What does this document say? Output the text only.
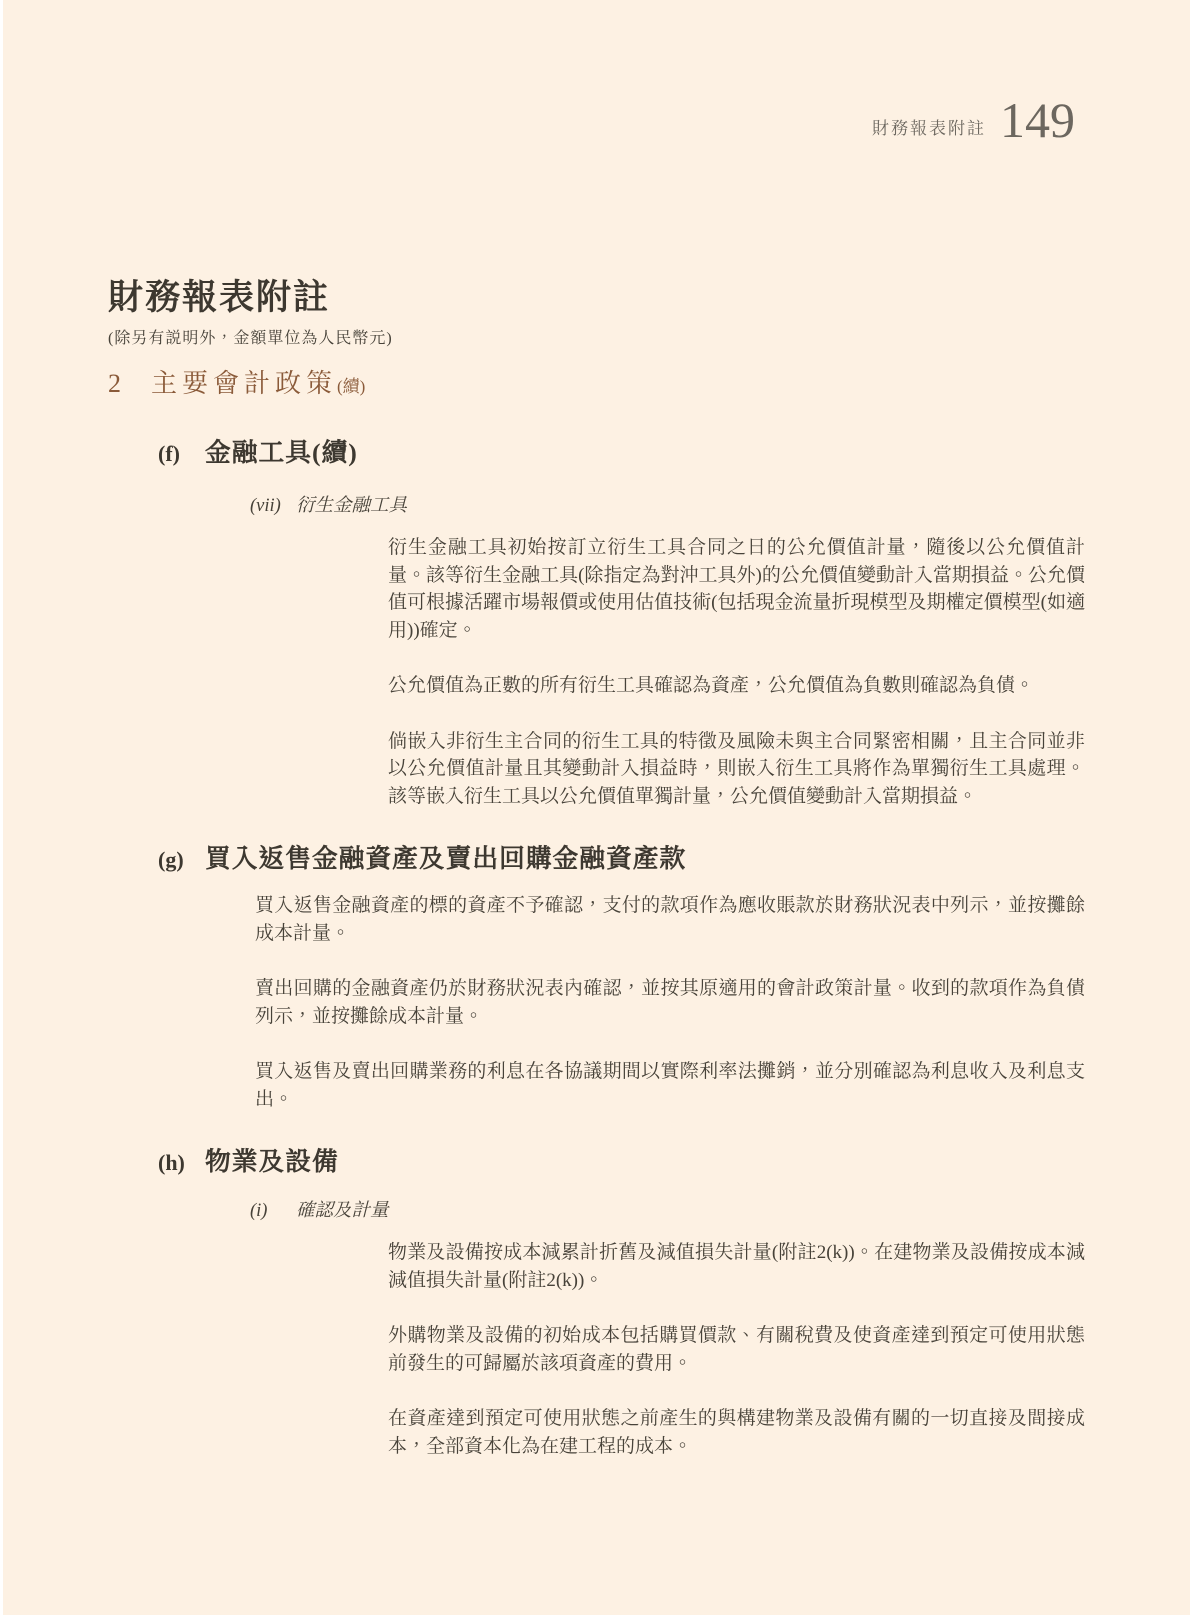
財務報表附註 149
財務報表附註

(除另有説明外，金額單位為人民幣元)

2	主要會計政策(續)
(f) 金融工具(續)
(vii) 衍生金融工具

衍生金融工具初始按訂立衍生工具合同之日的公允價值計量，隨後以公允價值計量。該等衍生金融工具(除指定為對沖工具外)的公允價值變動計入當期損益。公允價值可根據活躍市場報價或使用估值技術(包括現金流量折現模型及期權定價模型(如適用))確定。

公允價值為正數的所有衍生工具確認為資產，公允價值為負數則確認為負債。

倘嵌入非衍生主合同的衍生工具的特徵及風險未與主合同緊密相關，且主合同並非以公允價值計量且其變動計入損益時，則嵌入衍生工具將作為單獨衍生工具處理。該等嵌入衍生工具以公允價值單獨計量，公允價值變動計入當期損益。

(g) 買入返售金融資產及賣出回購金融資產款

買入返售金融資產的標的資產不予確認，支付的款項作為應收賬款於財務狀況表中列示，並按攤餘成本計量。

賣出回購的金融資產仍於財務狀況表內確認，並按其原適用的會計政策計量。收到的款項作為負債列示，並按攤餘成本計量。

買入返售及賣出回購業務的利息在各協議期間以實際利率法攤銷，並分別確認為利息收入及利息支出。

(h) 物業及設備
(i)	確認及計量

物業及設備按成本減累計折舊及減值損失計量(附註2(k))。在建物業及設備按成本減減值損失計量(附註2(k))。

外購物業及設備的初始成本包括購買價款、有關稅費及使資產達到預定可使用狀態前發生的可歸屬於該項資產的費用。

在資產達到預定可使用狀態之前產生的與構建物業及設備有關的一切直接及間接成本，全部資本化為在建工程的成本。
